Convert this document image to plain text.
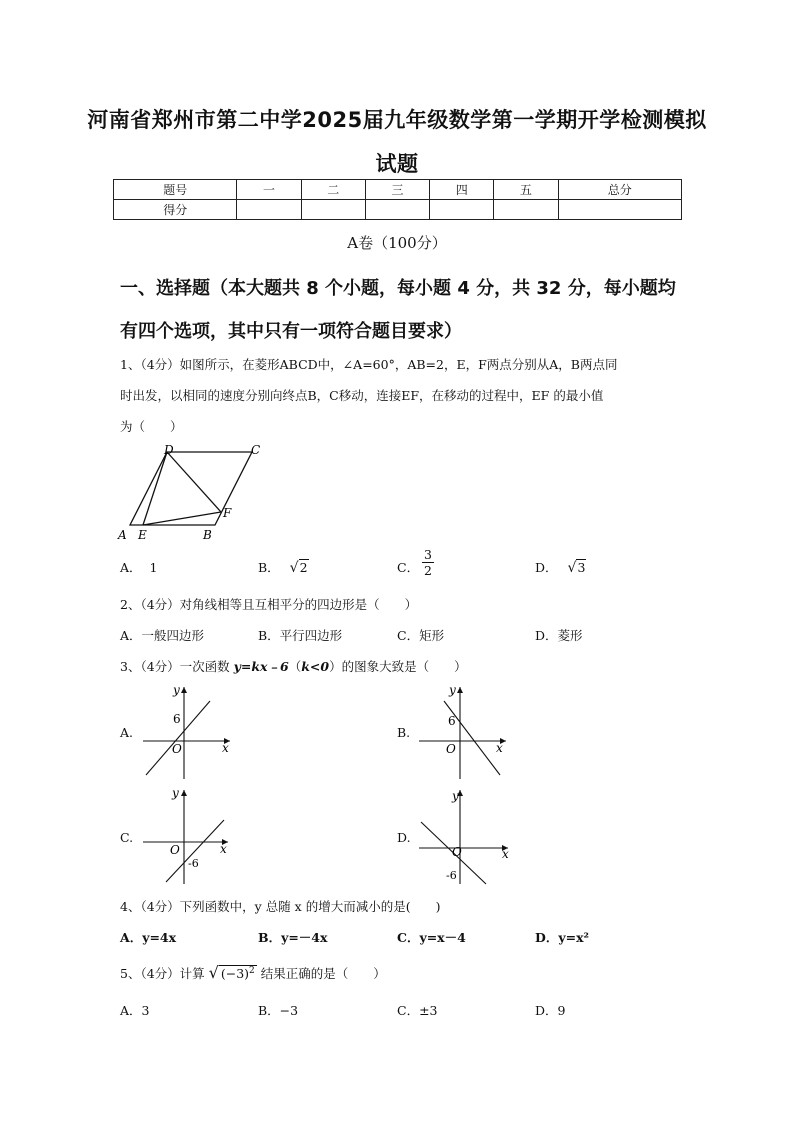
河南省郑州市第二中学2025届九年级数学第一学期开学检测模拟
试题
题号	一	二	三	四	五	总分
得分						
A卷（100分）
一、选择题（本大题共 8 个小题，每小题 4 分，共 32 分，每小题均
有四个选项，其中只有一项符合题目要求）
1、（4分）如图所示，在菱形ABCD中，∠A=60°，AB=2，E，F两点分别从A，B两点同
时出发，以相同的速度分别向终点B，C移动，连接EF，在移动的过程中，EF 的最小值
为（　　）
A E	B
F
C
D
A． 1	B． √2	C． $\frac{3}{2}$	D． √3
2、（4分）对角线相等且互相平分的四边形是（　　）
A．一般四边形	B．平行四边形	C．矩形	D．菱形
3、（4分）一次函数 y=kx﹣6（k<0）的图象大致是（　　）
A.	B.
C.	D.
y
x
O
6
y
x
O
6
y
x
O
-6
y
x
O
-6
4、（4分）下列函数中，y 总随 x 的增大而减小的是(　　)
A．y=4x	B．y=－4x	C．y=x－4	D．y=x²
5、（4分）计算 √ $(-3)^2$ 结果正确的是（　　）
A．3	B．−3	C．±3	D．9
